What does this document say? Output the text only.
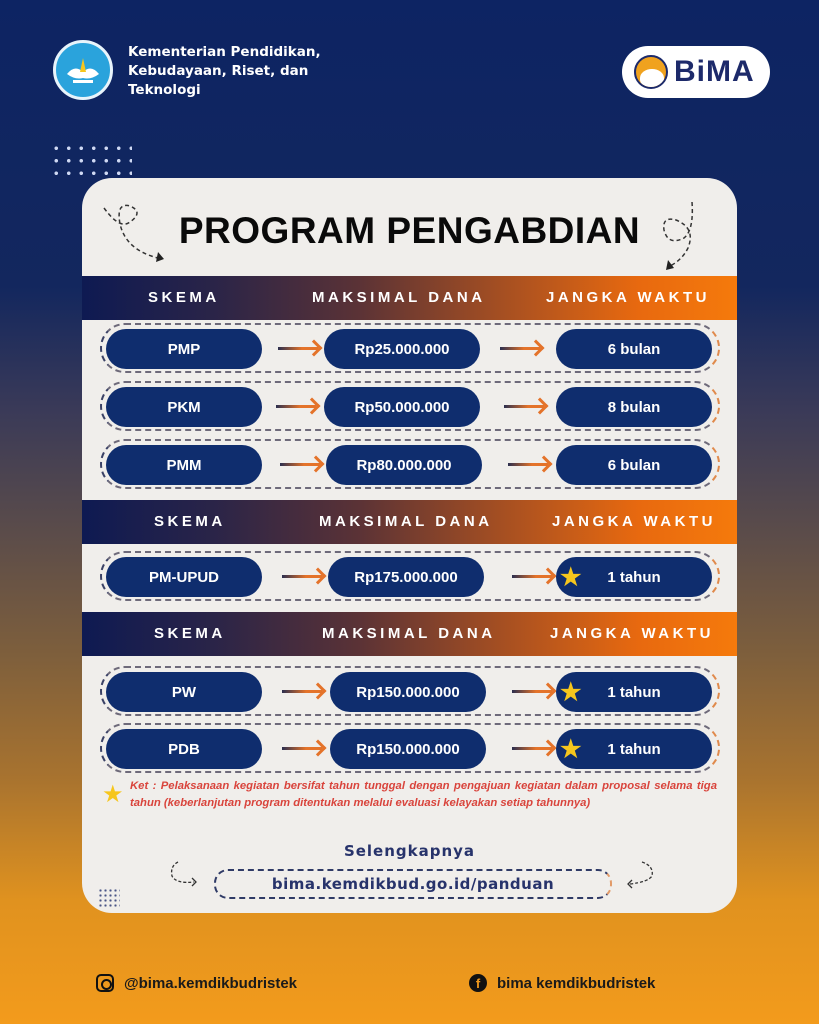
Kementerian Pendidikan,
Kebudayaan, Riset, dan
Teknologi
BiMA
PROGRAM PENGABDIAN
SKEMA	MAKSIMAL DANA	JANGKA WAKTU
PMP	Rp25.000.000	6 bulan
PKM	Rp50.000.000	8 bulan
PMM	Rp80.000.000	6 bulan
SKEMA	MAKSIMAL DANA	JANGKA WAKTU
PM-UPUD	Rp175.000.000	★ 1 tahun
SKEMA	MAKSIMAL DANA	JANGKA WAKTU
PW	Rp150.000.000	★ 1 tahun
PDB	Rp150.000.000	★ 1 tahun
★ Ket : Pelaksanaan kegiatan bersifat tahun tunggal dengan pengajuan kegiatan dalam proposal selama tiga tahun (keberlanjutan program ditentukan melalui evaluasi kelayakan setiap tahunnya)

Selengkapnya
bima.kemdikbud.go.id/panduan
@bima.kemdikbudristek	f	bima kemdikbudristek
